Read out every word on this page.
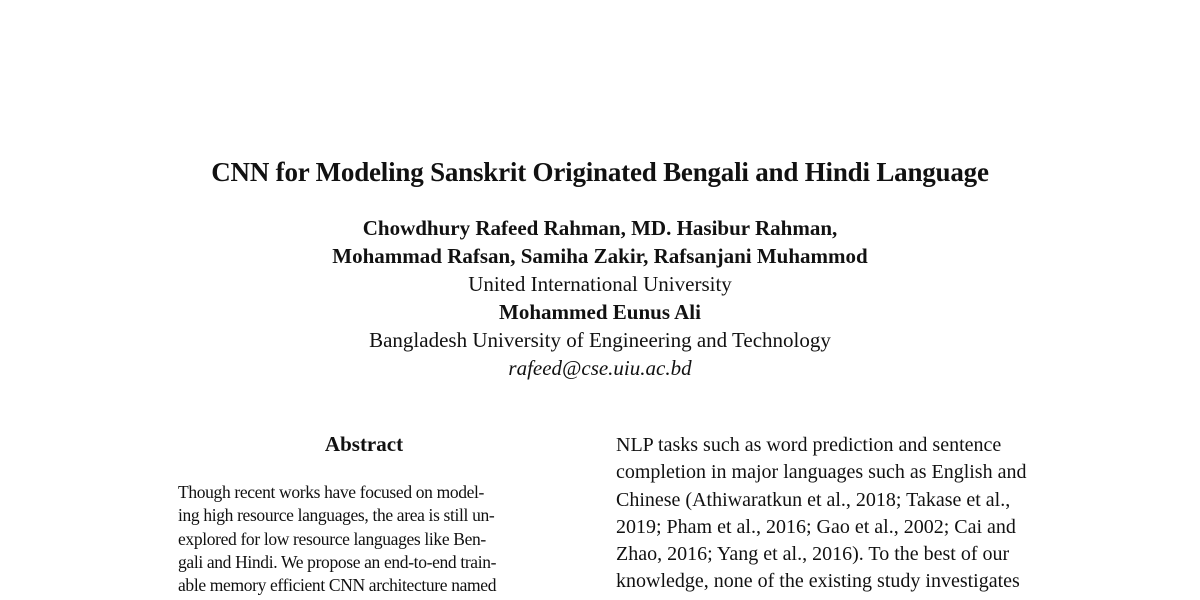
CNN for Modeling Sanskrit Originated Bengali and Hindi Language
Chowdhury Rafeed Rahman, MD. Hasibur Rahman,
Mohammad Rafsan, Samiha Zakir, Rafsanjani Muhammod
United International University
Mohammed Eunus Ali
Bangladesh University of Engineering and Technology
rafeed@cse.uiu.ac.bd
Abstract
Though recent works have focused on model-
ing high resource languages, the area is still un-
explored for low resource languages like Ben-
gali and Hindi. We propose an end-to-end train-
able memory efficient CNN architecture named
NLP tasks such as word prediction and sentence
completion in major languages such as English and
Chinese (Athiwaratkun et al., 2018; Takase et al.,
2019; Pham et al., 2016; Gao et al., 2002; Cai and
Zhao, 2016; Yang et al., 2016). To the best of our
knowledge, none of the existing study investigates
